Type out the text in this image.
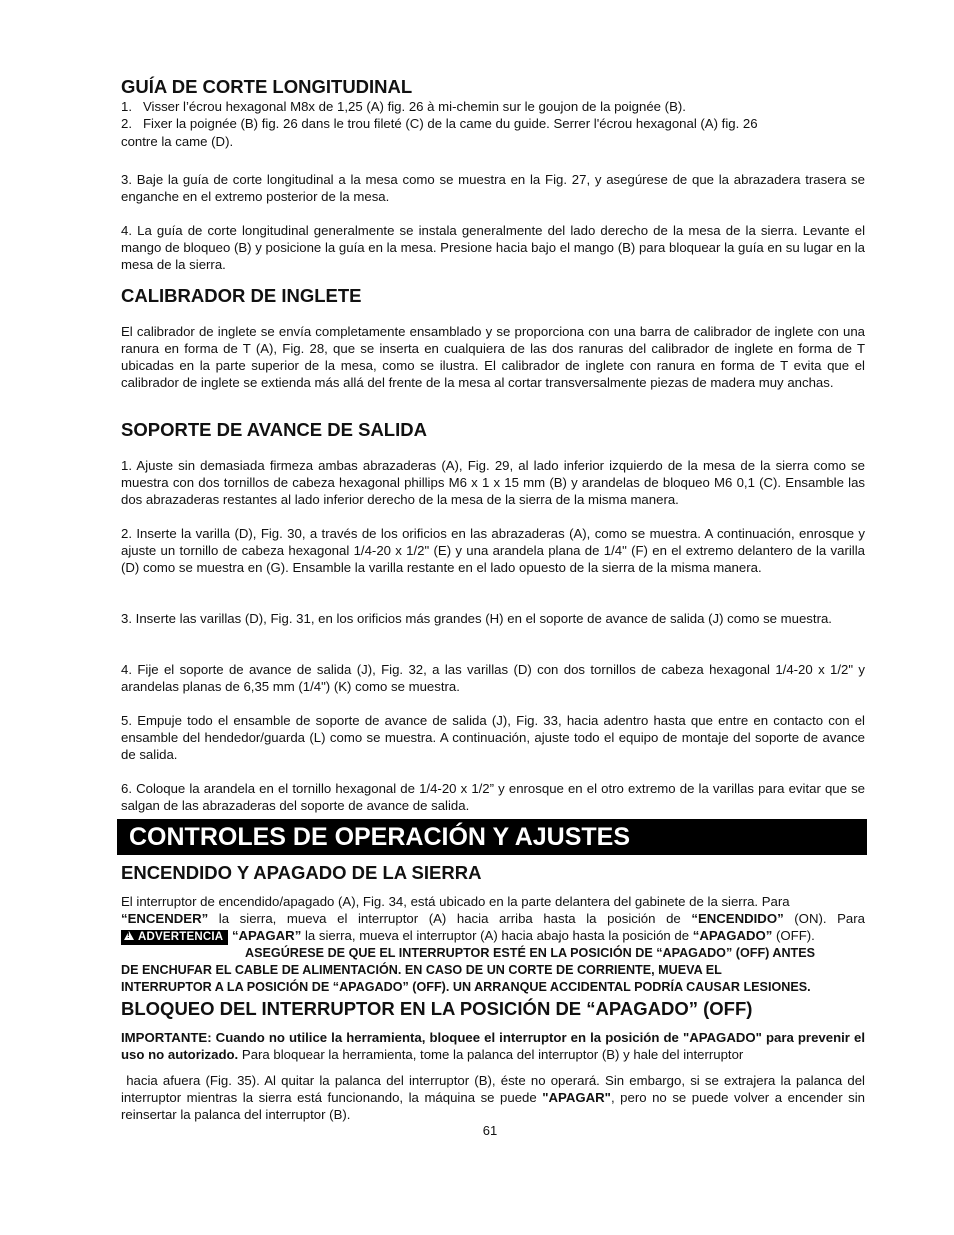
GUÍA DE CORTE LONGITUDINAL

1.   Visser l’écrou hexagonal M8x de 1,25 (A) fig. 26 à mi-chemin sur le goujon de la poignée (B).

2.   Fixer la poignée (B) fig. 26 dans le trou fileté (C) de la came du guide. Serrer l'écrou hexagonal (A) fig. 26

contre la came (D).

3. Baje la guía de corte longitudinal a la mesa como se muestra en la Fig. 27, y asegúrese de que la abrazadera trasera se enganche en el extremo posterior de la mesa.

4. La guía de corte longitudinal generalmente se instala generalmente del lado derecho de la mesa de la sierra. Levante el mango de bloqueo (B) y posicione la guía en la mesa. Presione hacia bajo el mango (B) para bloquear la guía en su lugar en la mesa de la sierra.

CALIBRADOR DE INGLETE

El calibrador de inglete se envía completamente ensamblado y se proporciona con una barra de calibrador de inglete con una ranura en forma de T (A), Fig. 28, que se inserta en cualquiera de las dos ranuras del calibrador de inglete en forma de T ubicadas en la parte superior de la mesa, como se ilustra. El calibrador de inglete con ranura en forma de T evita que el calibrador de inglete se extienda más allá del frente de la mesa al cortar transversalmente piezas de madera muy anchas.

SOPORTE DE AVANCE DE SALIDA

1. Ajuste sin demasiada firmeza ambas abrazaderas (A), Fig. 29, al lado inferior izquierdo de la mesa de la sierra como se muestra con dos tornillos de cabeza hexagonal phillips M6 x 1 x 15 mm (B) y arandelas de bloqueo M6 0,1 (C). Ensamble las dos abrazaderas restantes al lado inferior derecho de la mesa de la sierra de la misma manera.

2. Inserte la varilla (D), Fig. 30, a través de los orificios en las abrazaderas (A), como se muestra. A continuación, enrosque y ajuste un tornillo de cabeza hexagonal 1/4-20 x 1/2" (E) y una arandela plana de 1/4" (F) en el extremo delantero de la varilla (D) como se muestra en (G). Ensamble la varilla restante en el lado opuesto de la sierra de la misma manera.

3. Inserte las varillas (D), Fig. 31, en los orificios más grandes (H) en el soporte de avance de salida (J) como se muestra.

4. Fije el soporte de avance de salida (J), Fig. 32, a las varillas (D) con dos tornillos de cabeza hexagonal 1/4-20 x 1/2" y arandelas planas de 6,35 mm (1/4") (K) como se muestra.

5. Empuje todo el ensamble de soporte de avance de salida (J), Fig. 33, hacia adentro hasta que entre en contacto con el ensamble del hendedor/guarda (L) como se muestra. A continuación, ajuste todo el equipo de montaje del soporte de avance de salida.

6. Coloque la arandela en el tornillo hexagonal de 1/4-20 x 1/2” y enrosque en el otro extremo de la varillas para evitar que se salgan de las abrazaderas del soporte de avance de salida.

CONTROLES DE OPERACIÓN Y AJUSTES
ENCENDIDO Y APAGADO DE LA SIERRA

El interruptor de encendido/apagado (A), Fig. 34, está ubicado en la parte delantera del gabinete de la sierra. Para

“ENCENDER” la sierra, mueva el interruptor (A) hacia arriba hasta la posición de “ENCENDIDO” (ON). Para

!ADVERTENCIA “APAGAR” la sierra, mueva el interruptor (A) hacia abajo hasta la posición de “APAGADO” (OFF).

ASEGÚRESE DE QUE EL INTERRUPTOR ESTÉ EN LA POSICIÓN DE “APAGADO” (OFF) ANTES

DE ENCHUFAR EL CABLE DE ALIMENTACIÓN. EN CASO DE UN CORTE DE CORRIENTE, MUEVA EL

INTERRUPTOR A LA POSICIÓN DE “APAGADO” (OFF). UN ARRANQUE ACCIDENTAL PODRÍA CAUSAR LESIONES.

BLOQUEO DEL INTERRUPTOR EN LA POSICIÓN DE “APAGADO” (OFF)

IMPORTANTE: Cuando no utilice la herramienta, bloquee el interruptor en la posición de "APAGADO" para prevenir el uso no autorizado. Para bloquear la herramienta, tome la palanca del interruptor (B) y hale del interruptor

hacia afuera (Fig. 35). Al quitar la palanca del interruptor (B), éste no operará. Sin embargo, si se extrajera la palanca del interruptor mientras la sierra está funcionando, la máquina se puede "APAGAR", pero no se puede volver a encender sin reinsertar la palanca del interruptor (B).

61
